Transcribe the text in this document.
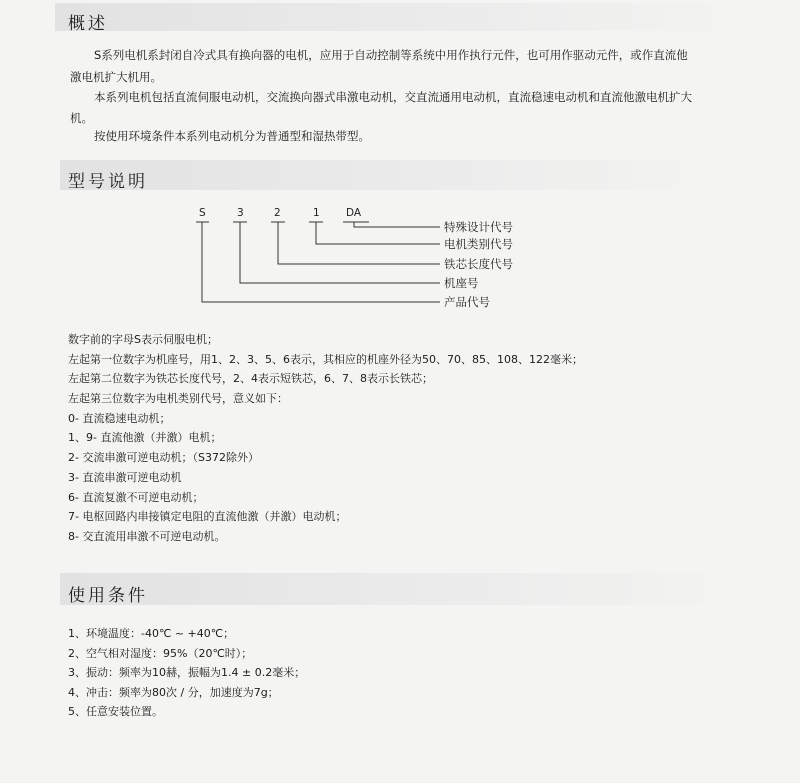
概述

S系列电机系封闭自冷式具有换向器的电机，应用于自动控制等系统中用作执行元件，也可用作驱动元件，或作直流他

激电机扩大机用。

本系列电机包括直流伺服电动机，交流换向器式串激电动机，交直流通用电动机，直流稳速电动机和直流他激电机扩大

机。

按使用环境条件本系列电动机分为普通型和湿热带型。

型号说明
S	3	2	1	DA
特殊设计代号
电机类别代号
铁芯长度代号
机座号
产品代号
数字前的字母S表示伺服电机；
左起第一位数字为机座号，用1、2、3、5、6表示，其相应的机座外径为50、70、85、108、122毫米；
左起第二位数字为铁芯长度代号，2、4表示短铁芯，6、7、8表示长铁芯；
左起第三位数字为电机类别代号，意义如下：
0- 直流稳速电动机；
1、9- 直流他激（并激）电机；
2- 交流串激可逆电动机；（S372除外）
3- 直流串激可逆电动机
6- 直流复激不可逆电动机；
7- 电枢回路内串接镇定电阻的直流他激（并激）电动机；
8- 交直流用串激不可逆电动机。
使用条件
1、环境温度：-40℃ ~ +40℃；
2、空气相对湿度：95%（20℃时）；
3、振动：频率为10赫，振幅为1.4 ± 0.2毫米；
4、冲击：频率为80次 / 分，加速度为7g；
5、任意安装位置。
